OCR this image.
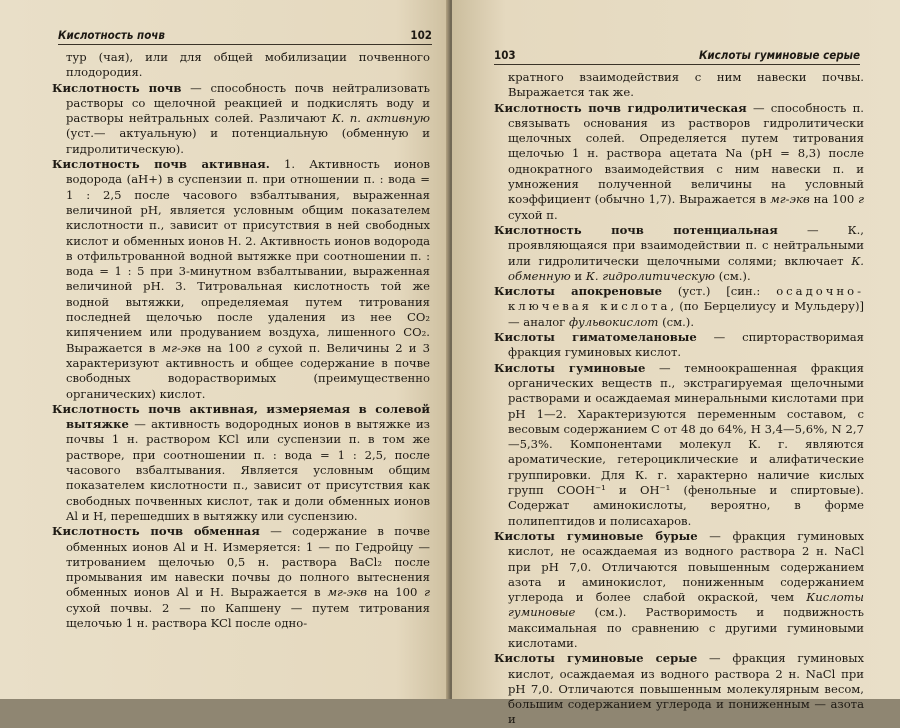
Кислотность почв	102

тур (чая), или для общей мобилизации почвенного плодородия.

Кислотность почв — способность почв нейтрализовать растворы со щелочной реакцией и подкислять воду и растворы нейтральных солей. Различают К. п. активную (уст.— актуальную) и потенциальную (обменную и гидролитическую).

Кислотность почв активная. 1. Активность ионов водорода (aH+) в суспензии п. при отношении п. : вода = 1 : 2,5 после часового взбалтывания, выраженная величиной рН, является условным общим показателем кислотности п., зависит от присутствия в ней свободных кислот и обменных ионов Н. 2. Активность ионов водорода в отфильтрованной водной вытяжке при соотношении п. : вода = 1 : 5 при 3-минутном взбалтывании, выраженная величиной рН. 3. Титровальная кислотность той же водной вытяжки, определяемая путем титрования последней щелочью после удаления из нее CO₂ кипячением или продуванием воздуха, лишенного CO₂. Выражается в мг-экв на 100 г сухой п. Величины 2 и 3 характеризуют активность и общее содержание в почве свободных водорастворимых (преимущественно органических) кислот.

Кислотность почв активная, измеряемая в солевой вытяжке — активность водородных ионов в вытяжке из почвы 1 н. раствором KCl или суспензии п. в том же растворе, при соотношении п. : вода = 1 : 2,5, после часового взбалтывания. Является условным общим показателем кислотности п., зависит от присутствия как свободных почвенных кислот, так и доли обменных ионов Al и Н, перешедших в вытяжку или суспензию.

Кислотность почв обменная — содержание в почве обменных ионов Al и Н. Измеряется: 1 — по Гедройцу — титрованием щелочью 0,5 н. раствора BaCl₂ после промывания им навески почвы до полного вытеснения обменных ионов Al и Н. Выражается в мг-экв на 100 г сухой почвы. 2 — по Капшену — путем титрования щелочью 1 н. раствора KCl после одно-

103	Кислоты гуминовые серые

кратного взаимодействия с ним навески почвы. Выражается так же.

Кислотность почв гидролитическая — способность п. связывать основания из растворов гидролитически щелочных солей. Определяется путем титрования щелочью 1 н. раствора ацетата Na (рН = 8,3) после однократного взаимодействия с ним навески п. и умножения полученной величины на условный коэффициент (обычно 1,7). Выражается в мг-экв на 100 г сухой п.

Кислотность почв потенциальная — К., проявляющаяся при взаимодействии п. с нейтральными или гидролитически щелочными солями; включает К. обменную и К. гидролитическую (см.).

Кислоты апокреновые (уст.) [син.: осадочно-ключевая кислота, (по Берцелиусу и Мульдеру)] — аналог фульвокислот (см.).

Кислоты гиматомелановые — спирторастворимая фракция гуминовых кислот.

Кислоты гуминовые — темноокрашенная фракция органических веществ п., экстрагируемая щелочными растворами и осаждаемая минеральными кислотами при рН 1—2. Характеризуются переменным составом, с весовым содержанием С от 48 до 64%, Н 3,4—5,6%, N 2,7—5,3%. Компонентами молекул К. г. являются ароматические, гетероциклические и алифатические группировки. Для К. г. характерно наличие кислых групп COOH⁻¹ и OH⁻¹ (фенольные и спиртовые). Содержат аминокислоты, вероятно, в форме полипептидов и полисахаров.

Кислоты гуминовые бурые — фракция гуминовых кислот, не осаждаемая из водного раствора 2 н. NaCl при рН 7,0. Отличаются повышенным содержанием азота и аминокислот, пониженным содержанием углерода и более слабой окраской, чем Кислоты гуминовые (см.). Растворимость и подвижность максимальная по сравнению с другими гуминовыми кислотами.

Кислоты гуминовые серые — фракция гуминовых кислот, осаждаемая из водного раствора 2 н. NaCl при рН 7,0. Отличаются повышенным молекулярным весом, большим содержанием углерода и пониженным — азота и
